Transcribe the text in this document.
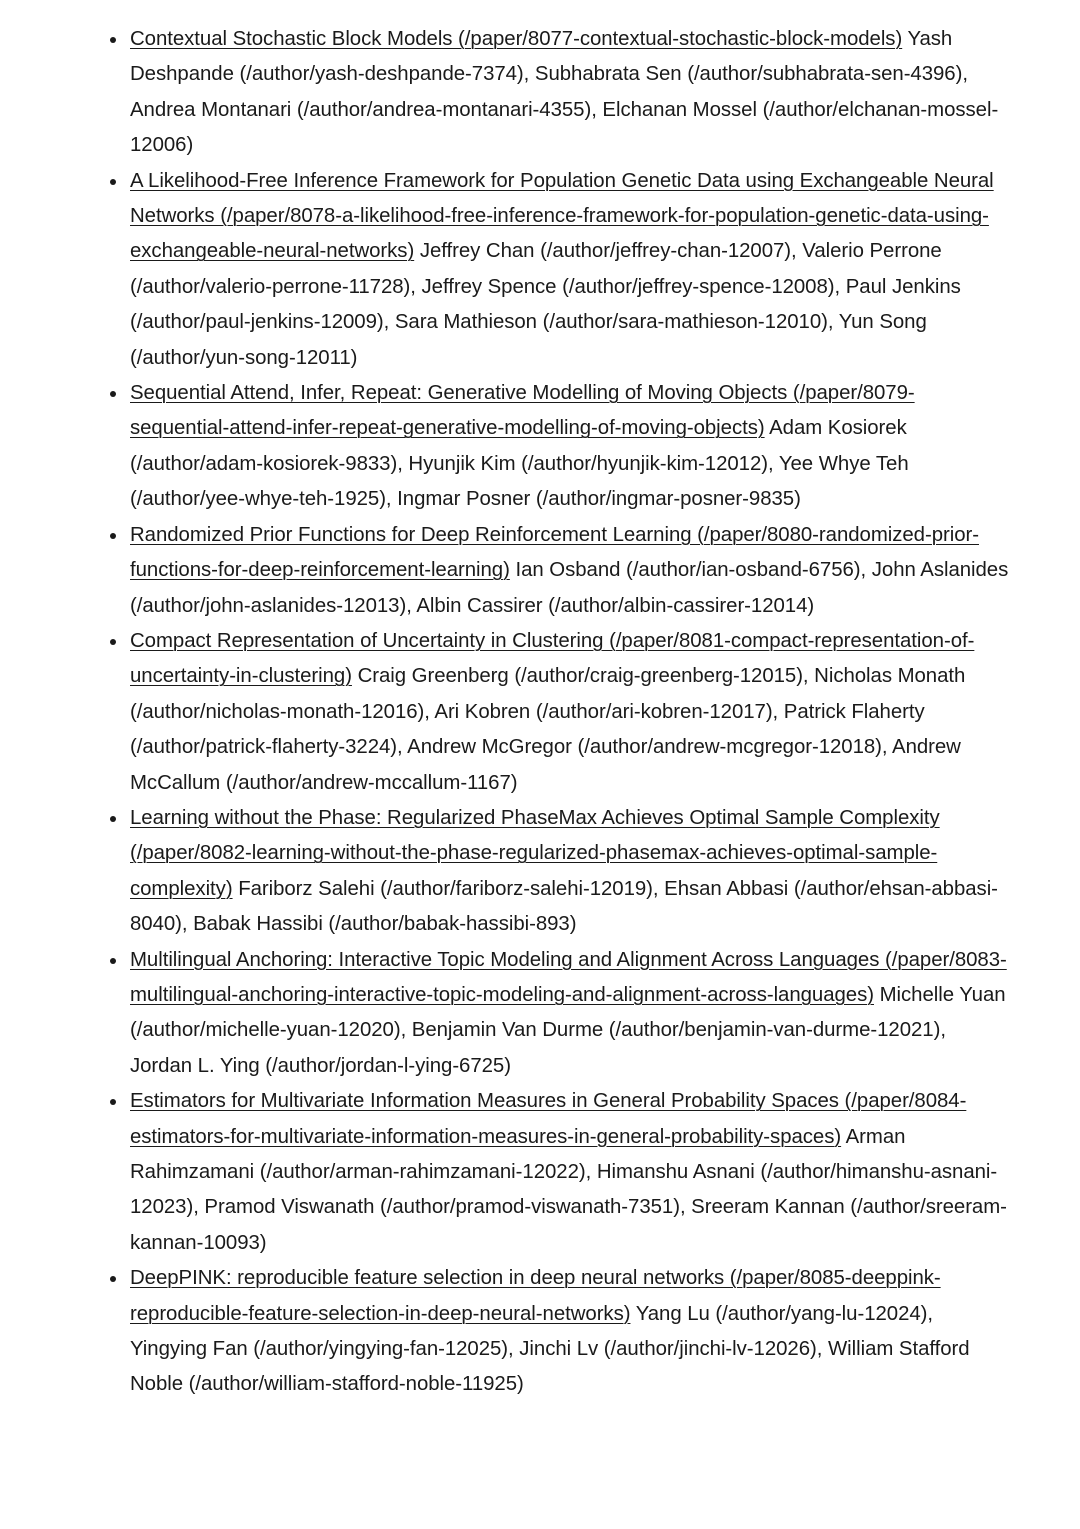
Contextual Stochastic Block Models (/paper/8077-contextual-stochastic-block-models) Yash Deshpande (/author/yash-deshpande-7374), Subhabrata Sen (/author/subhabrata-sen-4396), Andrea Montanari (/author/andrea-montanari-4355), Elchanan Mossel (/author/elchanan-mossel-12006)
A Likelihood-Free Inference Framework for Population Genetic Data using Exchangeable Neural Networks (/paper/8078-a-likelihood-free-inference-framework-for-population-genetic-data-using-exchangeable-neural-networks) Jeffrey Chan (/author/jeffrey-chan-12007), Valerio Perrone (/author/valerio-perrone-11728), Jeffrey Spence (/author/jeffrey-spence-12008), Paul Jenkins (/author/paul-jenkins-12009), Sara Mathieson (/author/sara-mathieson-12010), Yun Song (/author/yun-song-12011)
Sequential Attend, Infer, Repeat: Generative Modelling of Moving Objects (/paper/8079-sequential-attend-infer-repeat-generative-modelling-of-moving-objects) Adam Kosiorek (/author/adam-kosiorek-9833), Hyunjik Kim (/author/hyunjik-kim-12012), Yee Whye Teh (/author/yee-whye-teh-1925), Ingmar Posner (/author/ingmar-posner-9835)
Randomized Prior Functions for Deep Reinforcement Learning (/paper/8080-randomized-prior-functions-for-deep-reinforcement-learning) Ian Osband (/author/ian-osband-6756), John Aslanides (/author/john-aslanides-12013), Albin Cassirer (/author/albin-cassirer-12014)
Compact Representation of Uncertainty in Clustering (/paper/8081-compact-representation-of-uncertainty-in-clustering) Craig Greenberg (/author/craig-greenberg-12015), Nicholas Monath (/author/nicholas-monath-12016), Ari Kobren (/author/ari-kobren-12017), Patrick Flaherty (/author/patrick-flaherty-3224), Andrew McGregor (/author/andrew-mcgregor-12018), Andrew McCallum (/author/andrew-mccallum-1167)
Learning without the Phase: Regularized PhaseMax Achieves Optimal Sample Complexity (/paper/8082-learning-without-the-phase-regularized-phasemax-achieves-optimal-sample-complexity) Fariborz Salehi (/author/fariborz-salehi-12019), Ehsan Abbasi (/author/ehsan-abbasi-8040), Babak Hassibi (/author/babak-hassibi-893)
Multilingual Anchoring: Interactive Topic Modeling and Alignment Across Languages (/paper/8083-multilingual-anchoring-interactive-topic-modeling-and-alignment-across-languages) Michelle Yuan (/author/michelle-yuan-12020), Benjamin Van Durme (/author/benjamin-van-durme-12021), Jordan L. Ying (/author/jordan-l-ying-6725)
Estimators for Multivariate Information Measures in General Probability Spaces (/paper/8084-estimators-for-multivariate-information-measures-in-general-probability-spaces) Arman Rahimzamani (/author/arman-rahimzamani-12022), Himanshu Asnani (/author/himanshu-asnani-12023), Pramod Viswanath (/author/pramod-viswanath-7351), Sreeram Kannan (/author/sreeram-kannan-10093)
DeepPINK: reproducible feature selection in deep neural networks (/paper/8085-deeppink-reproducible-feature-selection-in-deep-neural-networks) Yang Lu (/author/yang-lu-12024), Yingying Fan (/author/yingying-fan-12025), Jinchi Lv (/author/jinchi-lv-12026), William Stafford Noble (/author/william-stafford-noble-11925)
